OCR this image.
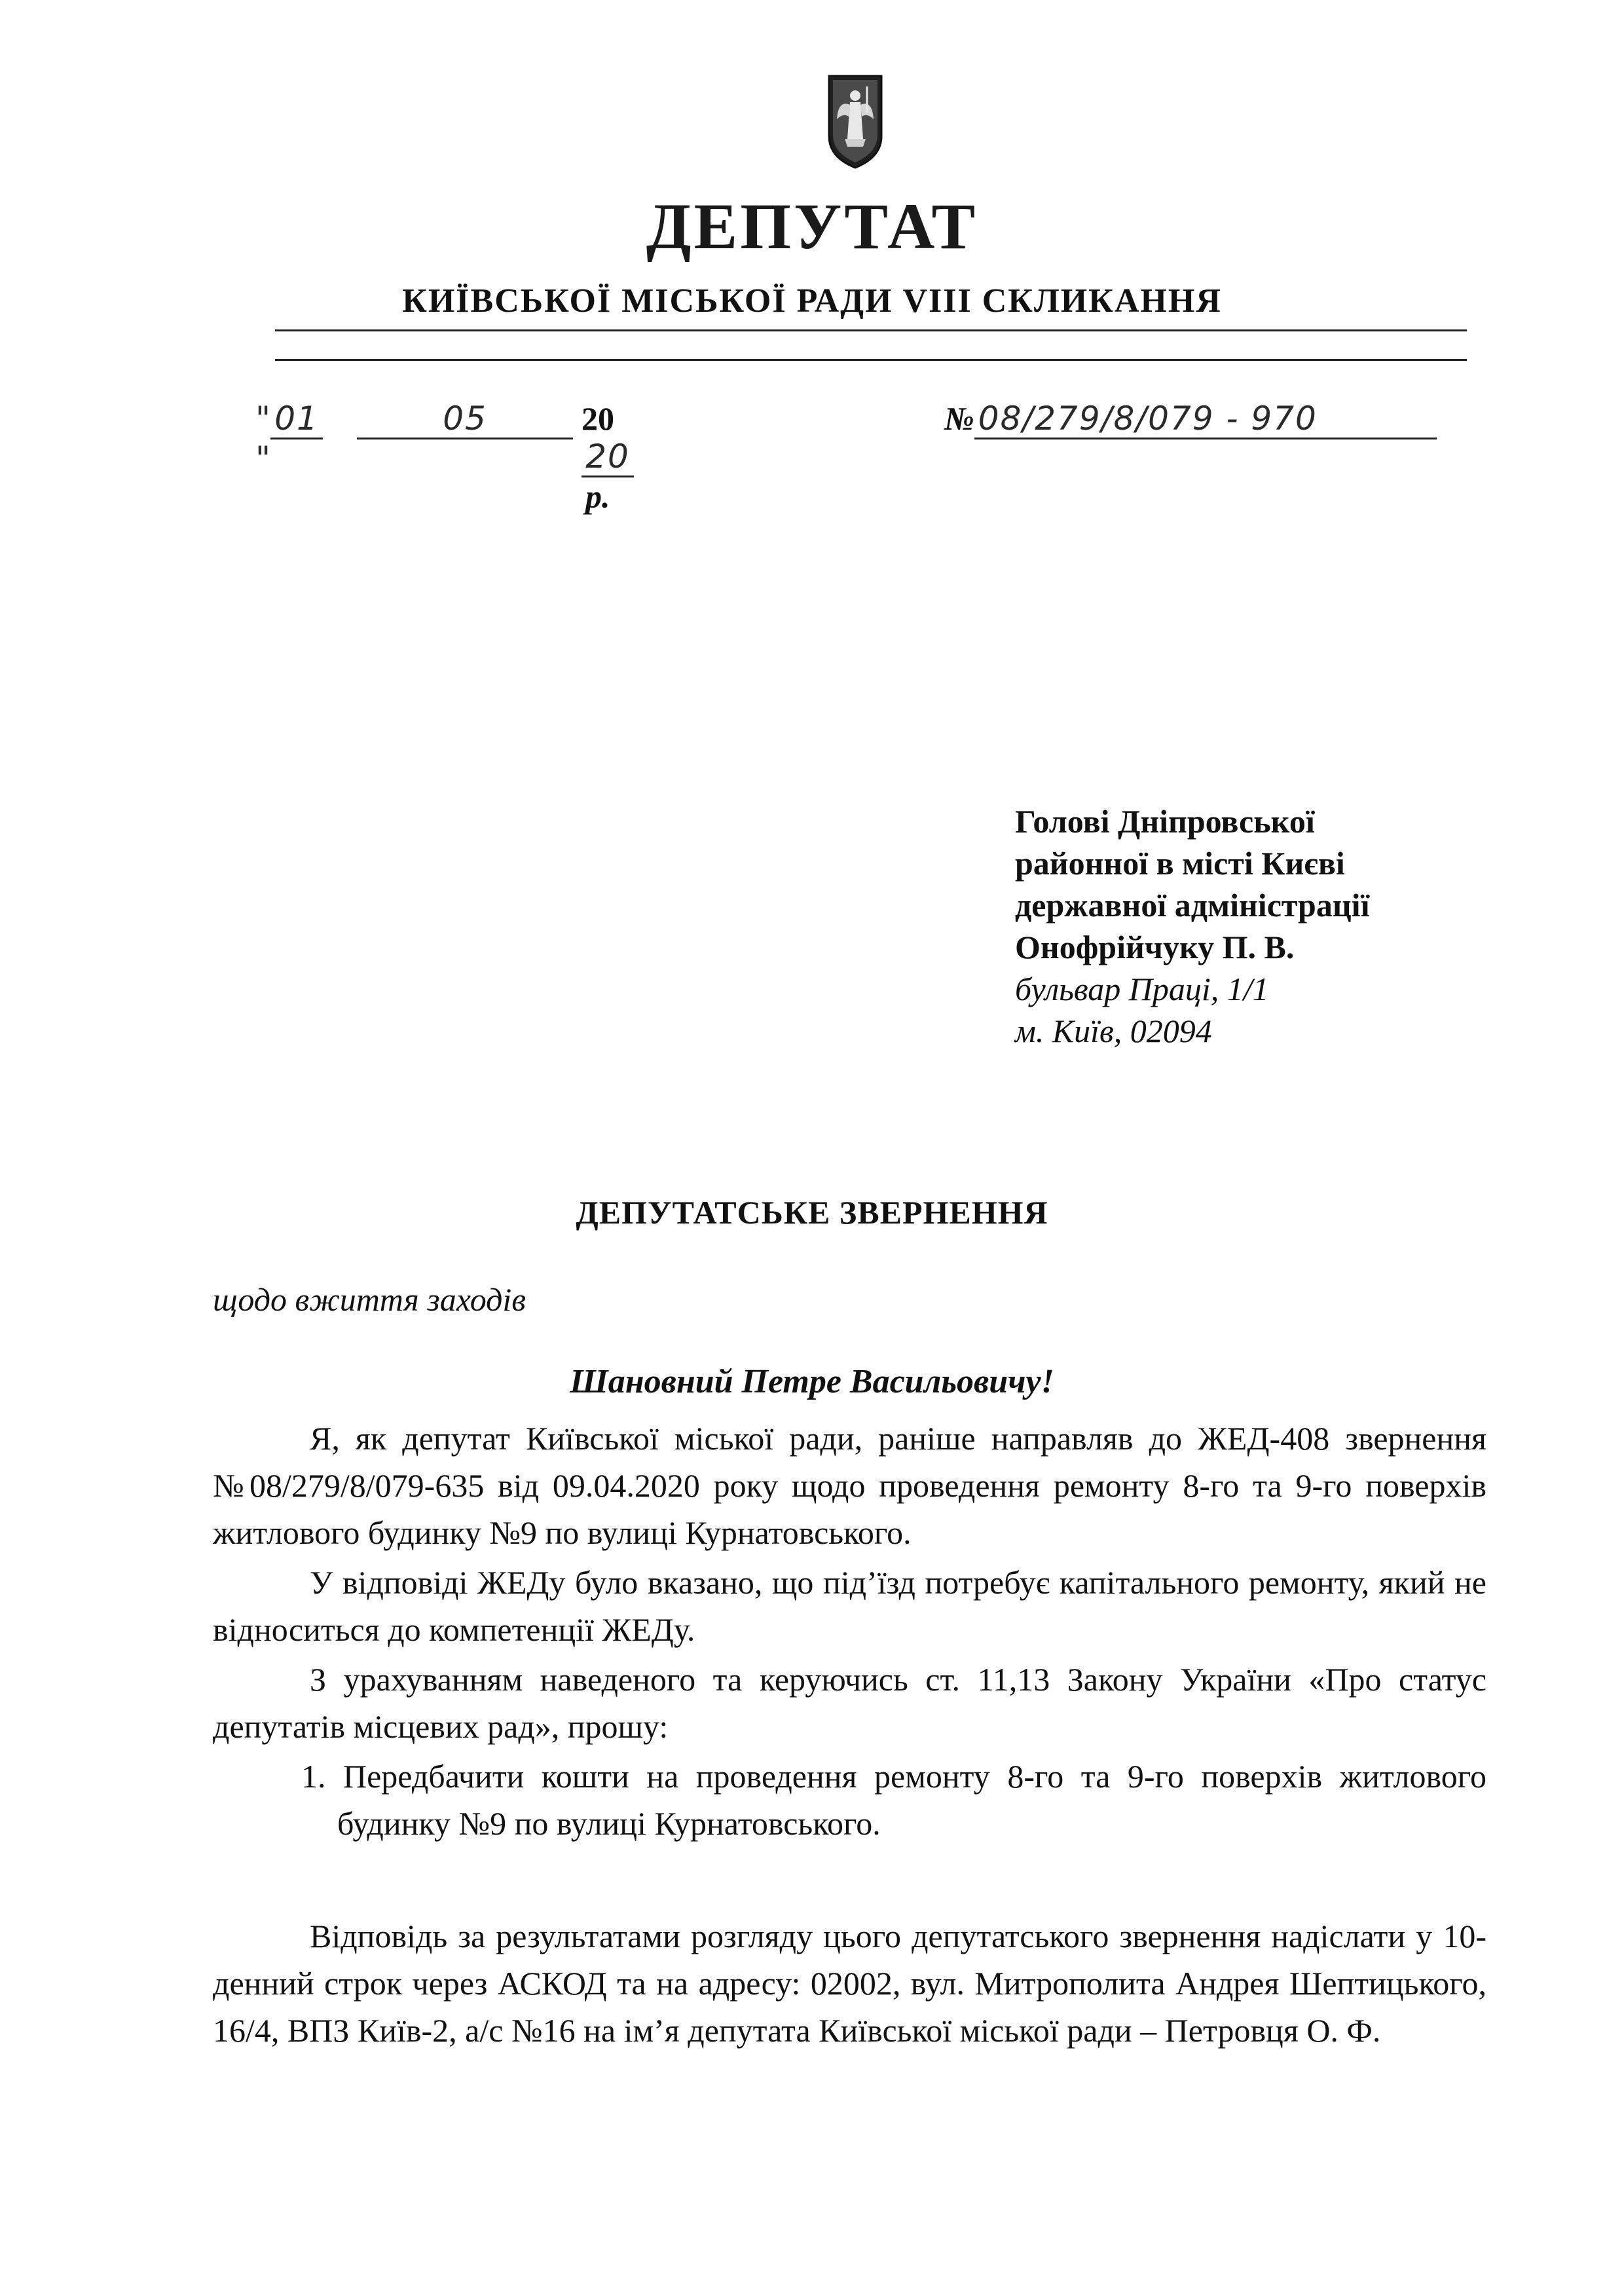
ДЕПУТАТ
КИЇВСЬКОЇ МІСЬКОЇ РАДИ VIII СКЛИКАННЯ
" 01"
05	2020р.
№ 08/279/8/079 - 970
Голові Дніпровської
районної в місті Києві
державної адміністрації
Онофрійчуку П. В.
бульвар Праці, 1/1
м. Київ, 02094
ДЕПУТАТСЬКЕ ЗВЕРНЕННЯ
щодо вжиття заходів
Шановний Петре Васильовичу!

Я, як депутат Київської міської ради, раніше направляв до ЖЕД-408 звернення №08/279/8/079-635 від 09.04.2020 року щодо проведення ремонту 8-го та 9-го поверхів житлового будинку №9 по вулиці Курнатовського.

У відповіді ЖЕДу було вказано, що під’їзд потребує капітального ремонту, який не відноситься до компетенції ЖЕДу.

З урахуванням наведеного та керуючись ст. 11,13 Закону України «Про статус депутатів місцевих рад», прошу:

1. Передбачити кошти на проведення ремонту 8-го та 9-го поверхів житлового будинку №9 по вулиці Курнатовського.

Відповідь за результатами розгляду цього депутатського звернення надіслати у 10-денний строк через АСКОД та на адресу: 02002, вул. Митрополита Андрея Шептицького, 16/4, ВПЗ Київ-2, а/с №16 на ім’я депутата Київської міської ради – Петровця О. Ф.
